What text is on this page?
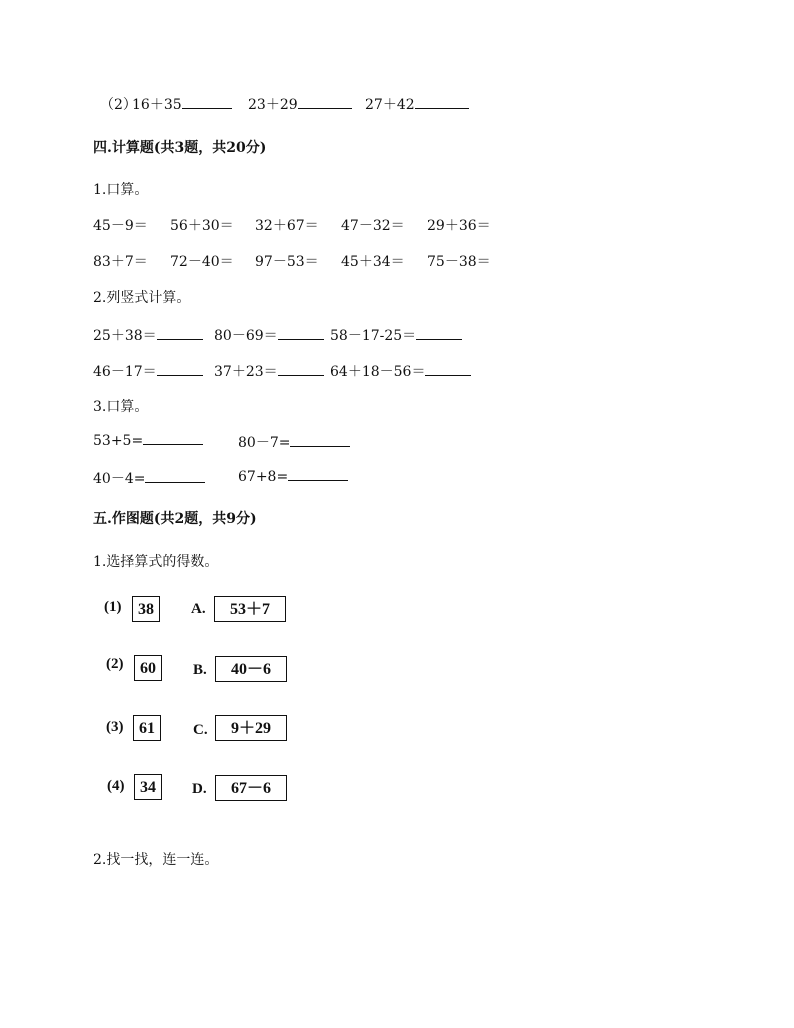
（2）
16＋35	23＋29	27＋42
四.计算题(共3题，共20分)
1.口算。
45－9＝ 56＋30＝ 32＋67＝ 47－32＝ 29＋36＝
83＋7＝ 72－40＝ 97－53＝ 45＋34＝ 75－38＝
2.列竖式计算。
25＋38＝	80－69＝	58－17-25＝
46－17＝	37＋23＝	64＋18－56＝
3.口算。
53+5=	80－7=
40－4=	67+8=
五.作图题(共2题，共9分)
1.选择算式的得数。
(1)	38	A.	53＋7
(2)	60	B.	40－6
(3) 61	C.	9＋29
(4) 34	D.	67－6
2.找一找，连一连。
